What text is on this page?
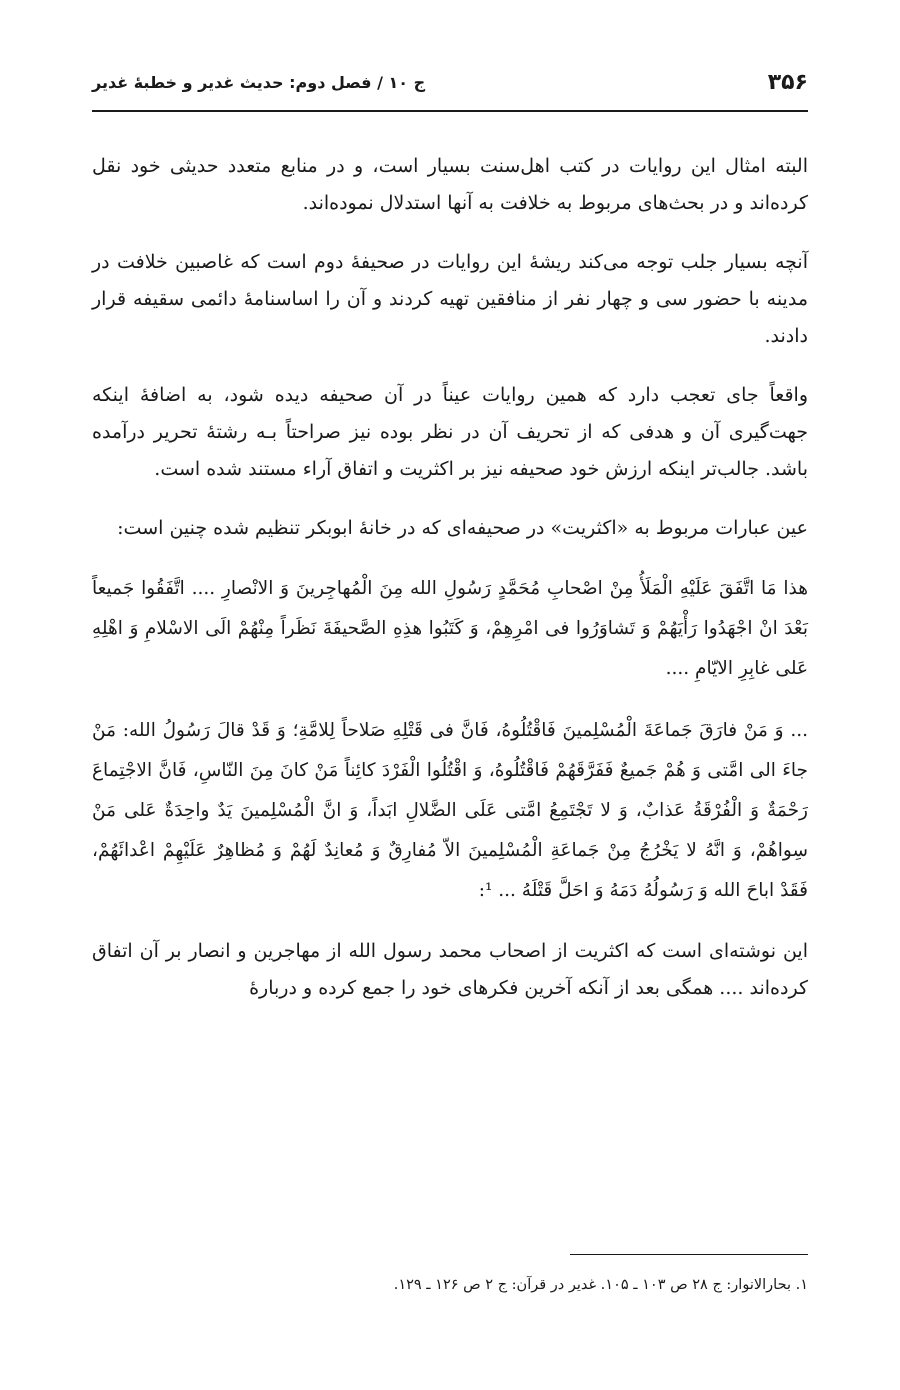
۳۵۶
ج ۱۰ / فصل دوم: حدیث غدیر و خطبهٔ غدیر

البته امثال این روایات در کتب اهل‌سنت بسیار است، و در منابع متعدد حدیثی خود نقل کرده‌اند و در بحث‌های مربوط به خلافت به آنها استدلال نموده‌اند.

آنچه بسیار جلب توجه می‌کند ریشهٔ این روایات در صحیفهٔ دوم است که غاصبین خلافت در مدینه با حضور سی و چهار نفر از منافقین تهیه کردند و آن را اساسنامهٔ دائمی سقیفه قرار دادند.

واقعاً جای تعجب دارد که همین روایات عیناً در آن صحیفه دیده شود، به اضافهٔ اینکه جهت‌گیری آن و هدفی که از تحریف آن در نظر بوده نیز صراحتاً بـه رشتهٔ تحریر درآمده باشد. جالب‌تر اینکه ارزش خود صحیفه نیز بر اکثریت و اتفاق آراء مستند شده است.

عین عبارات مربوط به «اکثریت» در صحیفه‌ای که در خانهٔ ابوبکر تنظیم شده چنین است:

هذا مَا اتَّفَقَ عَلَيْهِ الْمَلَأُ مِنْ اصْحابِ مُحَمَّدٍ رَسُولِ الله مِنَ الْمُهاجِرينَ وَ الانْصارِ .... اتَّفَقُوا جَميعاً بَعْدَ انْ اجْهَدُوا رَأْيَهُمْ وَ تَشاوَرُوا فى امْرِهِمْ، وَ كَتَبُوا هذِهِ الصَّحيفَةَ نَظَراً مِنْهُمْ الَى الاسْلامِ وَ اهْلِهِ عَلى غابِرِ الايّامِ ....

... وَ مَنْ فارَقَ جَماعَةَ الْمُسْلِمينَ فَاقْتُلُوهُ، فَانَّ فى قَتْلِهِ صَلاحاً لِلامَّةِ؛ وَ قَدْ قالَ رَسُولُ الله: مَنْ جاءَ الى امَّتى وَ هُمْ جَميعٌ فَفَرَّقَهُمْ فَاقْتُلُوهُ، وَ اقْتُلُوا الْفَرْدَ كائِناً مَنْ كانَ مِنَ النّاسِ، فَانَّ الاجْتِماعَ رَحْمَةٌ وَ الْفُرْقَةُ عَذابٌ، وَ لا تَجْتَمِعُ امَّتى عَلَى الضَّلالِ ابَداً، وَ انَّ الْمُسْلِمينَ يَدٌ واحِدَةٌ عَلى مَنْ سِواهُمْ، وَ انَّهُ لا يَخْرُجُ مِنْ جَماعَةِ الْمُسْلِمينَ الاّ مُفارِقٌ وَ مُعانِدٌ لَهُمْ وَ مُظاهِرٌ عَلَيْهِمْ اعْدائَهُمْ، فَقَدْ اباحَ الله وَ رَسُولُهُ دَمَهُ وَ احَلَّ قَتْلَهُ ... ¹:

این نوشته‌ای است که اکثریت از اصحاب محمد رسول الله از مهاجرین و انصار بر آن اتفاق کرده‌اند .... همگی بعد از آنکه آخرین فکرهای خود را جمع کرده و دربارهٔ

۱. بحارالانوار: ج ۲۸ ص ۱۰۳ ـ ۱۰۵. غدیر در قرآن: ج ۲ ص ۱۲۶ ـ ۱۲۹.
